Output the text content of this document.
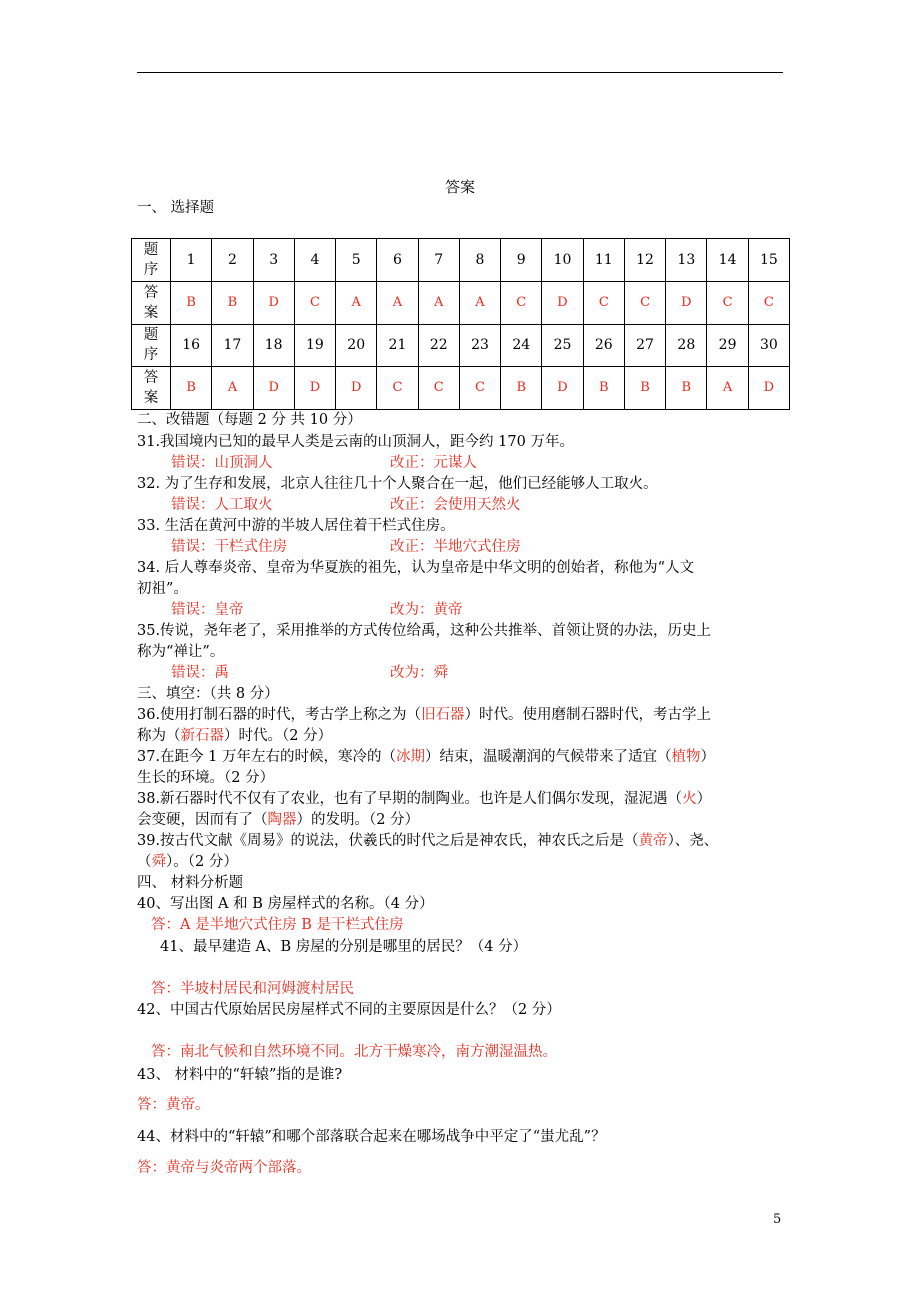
答案
一、 选择题
题
序	1	2	3	4	5	6	7	8	9	10	11	12	13	14	15
答
案	B	B	D	C	A	A	A	A	C	D	C	C	D	C	C
题
序	16	17	18	19	20	21	22	23	24	25	26	27	28	29	30
答
案	B	A	D	D	D	C	C	C	B	D	B	B	B	A	D
二、改错题（每题 2 分 共 10 分）
31.我国境内已知的最早人类是云南的山顶洞人，距今约 170 万年。
错误：山顶洞人	改正：元谋人
32. 为了生存和发展，北京人往往几十个人聚合在一起，他们已经能够人工取火。
错误：人工取火	改正：会使用天然火
33. 生活在黄河中游的半坡人居住着干栏式住房。
错误：干栏式住房	改正：半地穴式住房
34. 后人尊奉炎帝、皇帝为华夏族的祖先，认为皇帝是中华文明的创始者，称他为“人文
初祖”。
错误：皇帝	改为：黄帝
35.传说，尧年老了，采用推举的方式传位给禹，这种公共推举、首领让贤的办法，历史上
称为“禅让”。
错误：禹	改为：舜
三、填空：（共 8 分）
36.使用打制石器的时代，考古学上称之为（旧石器）时代。使用磨制石器时代，考古学上
称为（新石器）时代。（2 分）
37.在距今 1 万年左右的时候，寒冷的（冰期）结束，温暖潮润的气候带来了适宜（植物）
生长的环境。（2 分）
38.新石器时代不仅有了农业，也有了早期的制陶业。也许是人们偶尔发现，湿泥遇（火）
会变硬，因而有了（陶器）的发明。（2 分）
39.按古代文献《周易》的说法，伏羲氏的时代之后是神农氏，神农氏之后是（黄帝）、尧、
（舜）。（2 分）
四、 材料分析题
40、写出图 A 和 B 房屋样式的名称。（4 分）
答：A 是半地穴式住房 B 是干栏式住房
41、最早建造 A、B 房屋的分别是哪里的居民？（4 分）
答：半坡村居民和河姆渡村居民
42、中国古代原始居民房屋样式不同的主要原因是什么？（2 分）
答：南北气候和自然环境不同。北方干燥寒冷，南方潮湿温热。
43、 材料中的“轩辕”指的是谁?
答：黄帝。
44、材料中的“轩辕”和哪个部落联合起来在哪场战争中平定了“蚩尤乱”？
答：黄帝与炎帝两个部落。
5
